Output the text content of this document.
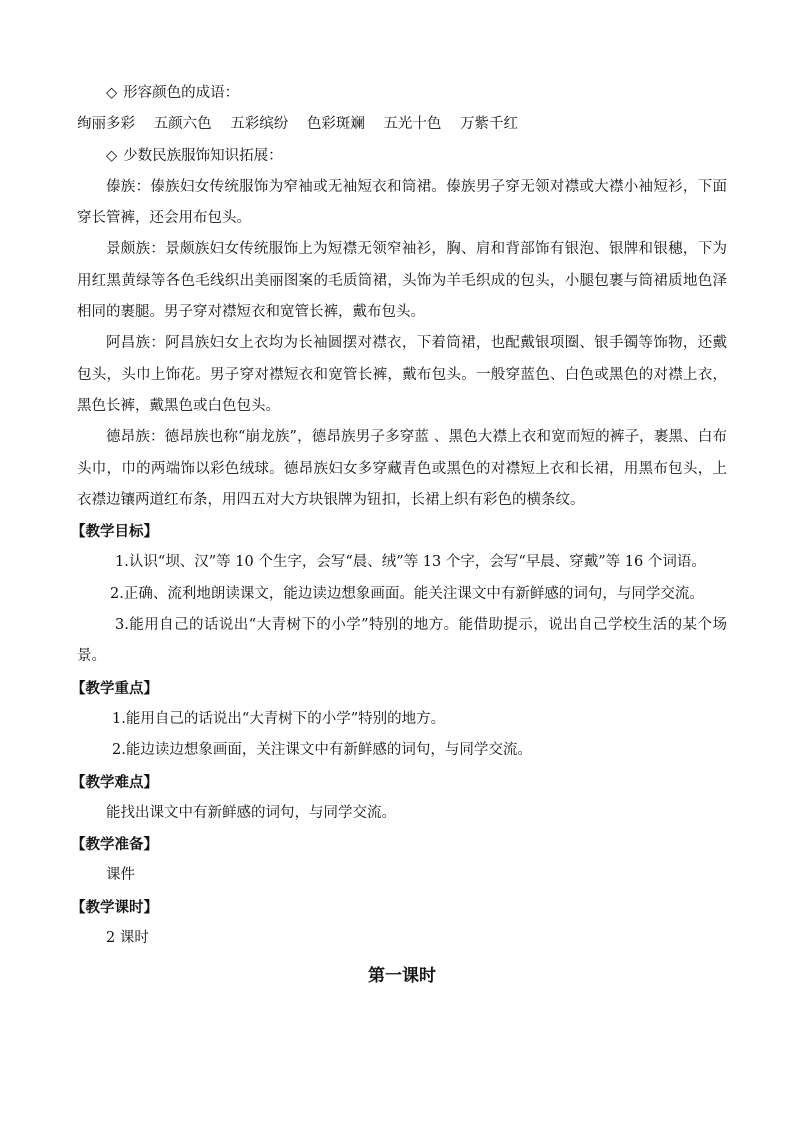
◇ 形容颜色的成语：
绚丽多彩 五颜六色 五彩缤纷 色彩斑斓 五光十色 万紫千红
◇ 少数民族服饰知识拓展：
傣族：傣族妇女传统服饰为窄袖或无袖短衣和筒裙。傣族男子穿无领对襟或大襟小袖短衫，下面穿长管裤，还会用布包头。
景颇族：景颇族妇女传统服饰上为短襟无领窄袖衫，胸、肩和背部饰有银泡、银牌和银穗，下为用红黑黄绿等各色毛线织出美丽图案的毛质筒裙，头饰为羊毛织成的包头，小腿包裹与筒裙质地色泽相同的裹腿。男子穿对襟短衣和宽管长裤，戴布包头。
阿昌族：阿昌族妇女上衣均为长袖圆摆对襟衣，下着筒裙，也配戴银项圈、银手镯等饰物，还戴包头，头巾上饰花。男子穿对襟短衣和宽管长裤，戴布包头。一般穿蓝色、白色或黑色的对襟上衣，黑色长裤，戴黑色或白色包头。
德昂族：德昂族也称“崩龙族”，德昂族男子多穿蓝 、黑色大襟上衣和宽而短的裤子，裹黑、白布头巾，巾的两端饰以彩色绒球。德昂族妇女多穿藏青色或黑色的对襟短上衣和长裙，用黑布包头，上衣襟边镶两道红布条，用四五对大方块银牌为钮扣，长裙上织有彩色的横条纹。
【教学目标】
1.认识“坝、汉”等 10 个生字，会写“晨、绒”等 13 个字，会写“早晨、穿戴”等 16 个词语。
2.正确、流利地朗读课文，能边读边想象画面。能关注课文中有新鲜感的词句，与同学交流。
3.能用自己的话说出“大青树下的小学”特别的地方。能借助提示，说出自己学校生活的某个场景。
【教学重点】
1.能用自己的话说出“大青树下的小学”特别的地方。
2.能边读边想象画面，关注课文中有新鲜感的词句，与同学交流。
【教学难点】
能找出课文中有新鲜感的词句，与同学交流。
【教学准备】
课件
【教学课时】
2 课时
第一课时
